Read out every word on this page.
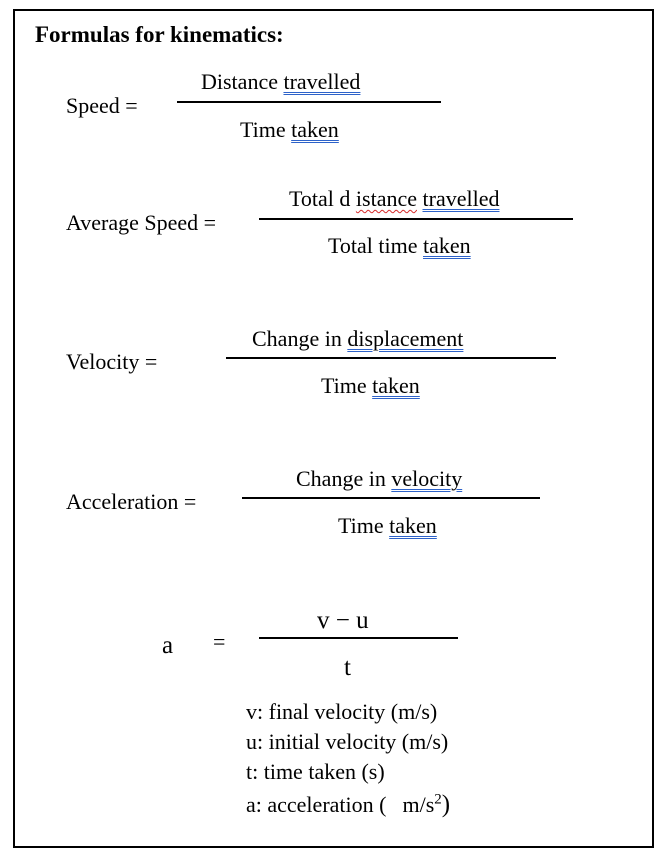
Formulas for kinematics:
Speed =
Distance travelled
Time taken
Average Speed =
Total d istance travelled
Total time taken
Velocity =
Change in displacement
Time taken
Acceleration =
Change in velocity
Time taken
a =
v − u
t
v: final velocity (m/s)
u: initial velocity (m/s)
t: time taken (s)
a: acceleration ( $m/s^2$)
